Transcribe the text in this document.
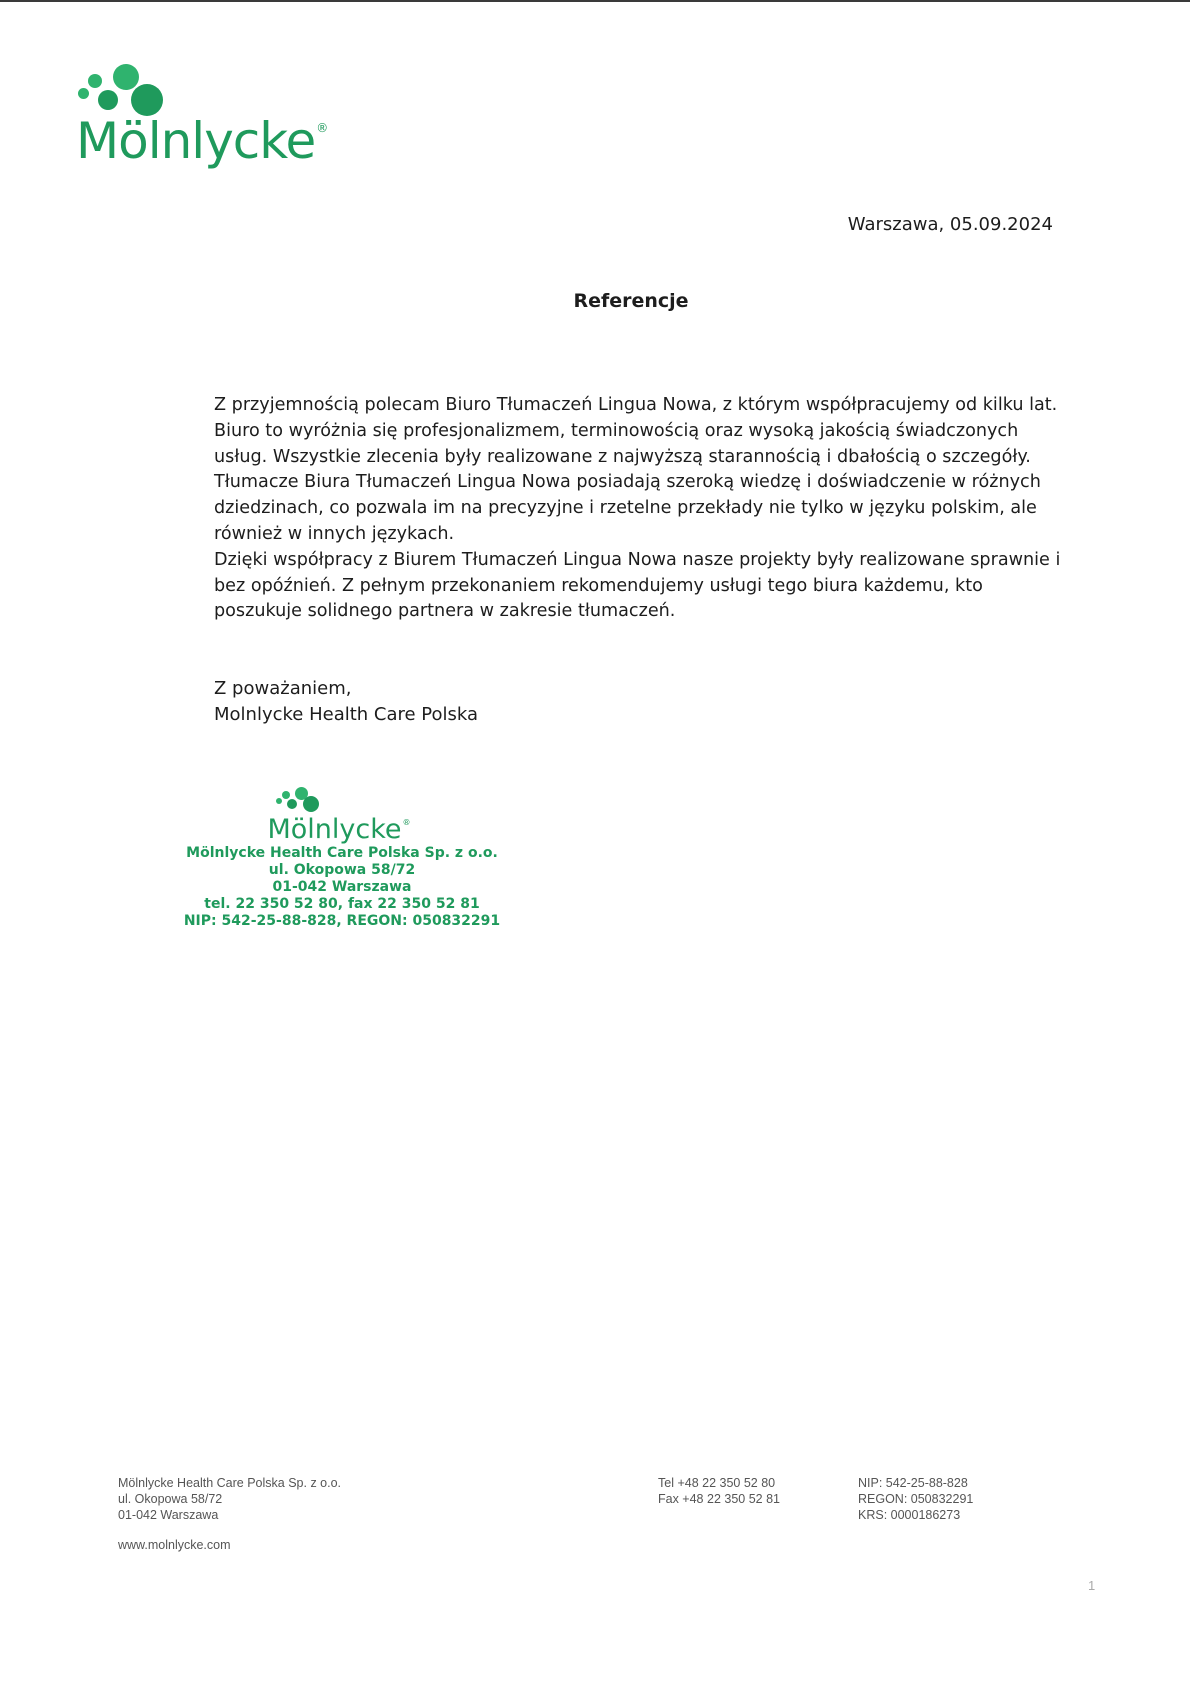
Mölnlycke®
Warszawa, 05.09.2024
Referencje

Z przyjemnością polecam Biuro Tłumaczeń Lingua Nowa, z którym współpracujemy od kilku lat. Biuro to wyróżnia się profesjonalizmem, terminowością oraz wysoką jakością świadczonych usług. Wszystkie zlecenia były realizowane z najwyższą starannością i dbałością o szczegóły. Tłumacze Biura Tłumaczeń Lingua Nowa posiadają szeroką wiedzę i doświadczenie w różnych dziedzinach, co pozwala im na precyzyjne i rzetelne przekłady nie tylko w języku polskim, ale również w innych językach.

Dzięki współpracy z Biurem Tłumaczeń Lingua Nowa nasze projekty były realizowane sprawnie i bez opóźnień. Z pełnym przekonaniem rekomendujemy usługi tego biura każdemu, kto poszukuje solidnego partnera w zakresie tłumaczeń.

Z poważaniem,
Molnlycke Health Care Polska
Mölnlycke®
Mölnlycke Health Care Polska Sp. z o.o.
ul. Okopowa 58/72
01-042 Warszawa
tel. 22 350 52 80, fax 22 350 52 81
NIP: 542-25-88-828, REGON: 050832291
Mölnlycke Health Care Polska Sp. z o.o.
ul. Okopowa 58/72
01-042 Warszawa
www.molnlycke.com
Tel +48 22 350 52 80
Fax +48 22 350 52 81
NIP: 542-25-88-828
REGON: 050832291
KRS: 0000186273
1
